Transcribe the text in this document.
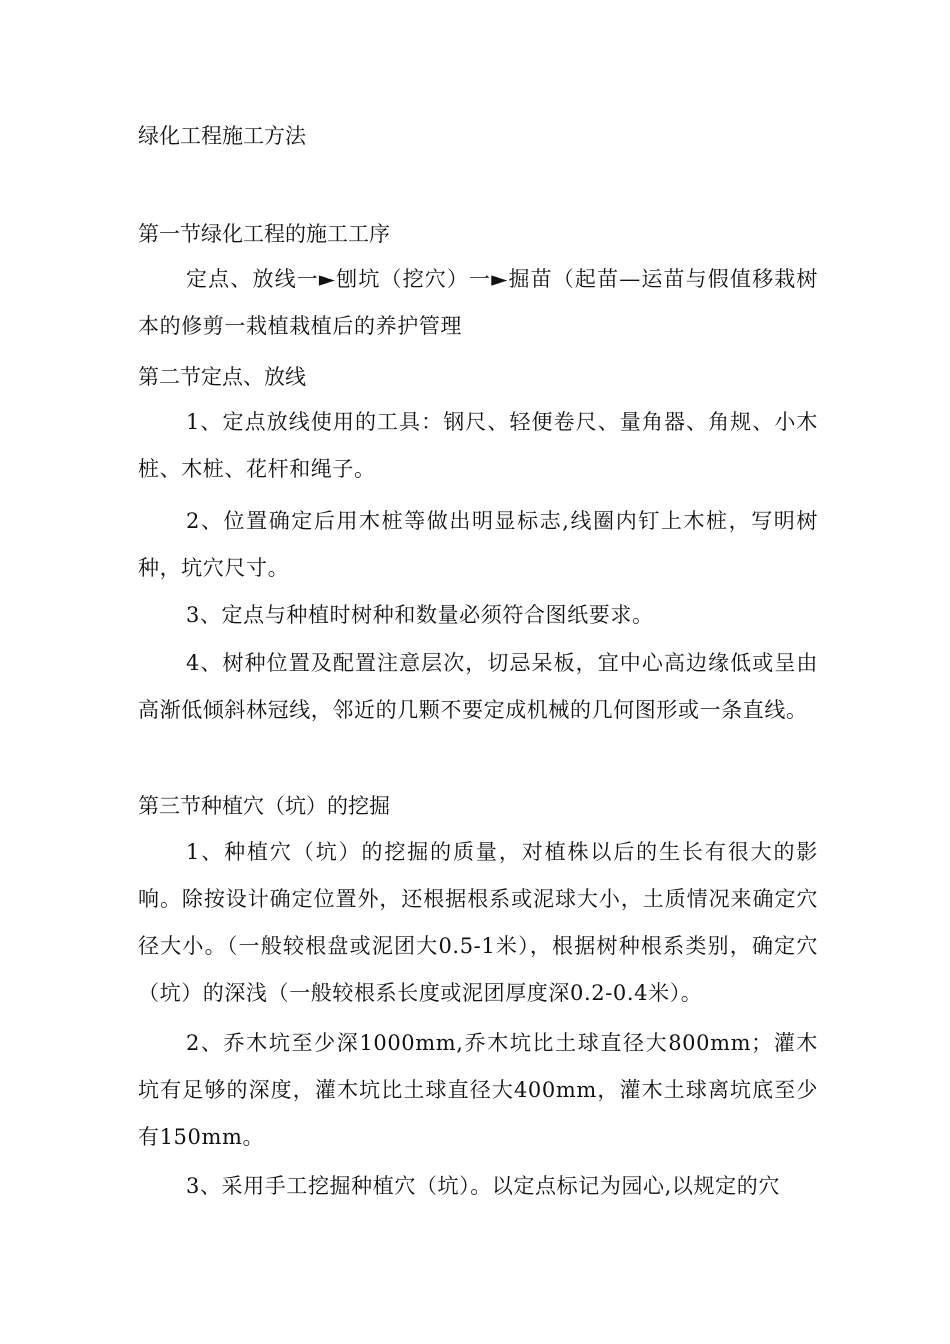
绿化工程施工方法
第一节绿化工程的施工工序
定点、放线一►刨坑（挖穴）一►掘苗（起苗—运苗与假值移栽树本的修剪一栽植栽植后的养护管理
第二节定点、放线
1、定点放线使用的工具：钢尺、轻便卷尺、量角器、角规、小木桩、木桩、花杆和绳子。
2、位置确定后用木桩等做出明显标志,线圈内钉上木桩，写明树种，坑穴尺寸。
3、定点与种植时树种和数量必须符合图纸要求。
4、树种位置及配置注意层次，切忌呆板，宜中心高边缘低或呈由高渐低倾斜林冠线，邻近的几颗不要定成机械的几何图形或一条直线。
第三节种植穴（坑）的挖掘
1、种植穴（坑）的挖掘的质量，对植株以后的生长有很大的影响。除按设计确定位置外，还根据根系或泥球大小，土质情况来确定穴径大小。（一般较根盘或泥团大0.5-1米），根据树种根系类别，确定穴（坑）的深浅（一般较根系长度或泥团厚度深0.2-0.4米）。
2、乔木坑至少深1000mm,乔木坑比土球直径大800mm；灌木坑有足够的深度，灌木坑比土球直径大400mm，灌木土球离坑底至少有150mm。
3、采用手工挖掘种植穴（坑）。以定点标记为园心,以规定的穴
